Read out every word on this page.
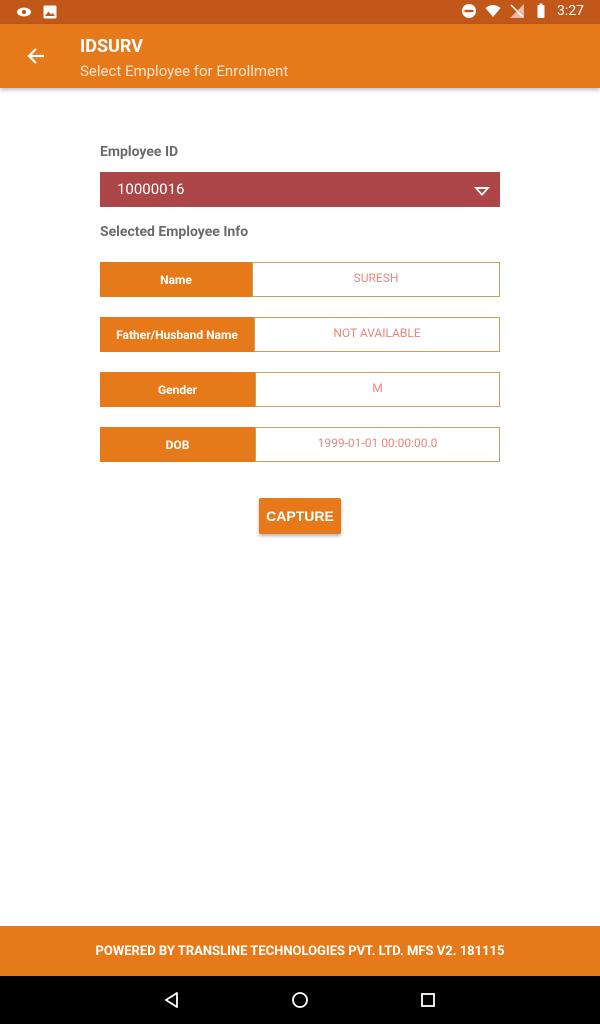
3:27
IDSURV
Select Employee for Enrollment
Employee ID
10000016
Selected Employee Info
Name	SURESH
Father/Husband Name	NOT AVAILABLE
Gender	M
DOB	1999-01-01 00:00:00.0
CAPTURE
POWERED BY TRANSLINE TECHNOLOGIES PVT. LTD. MFS V2. 181115
